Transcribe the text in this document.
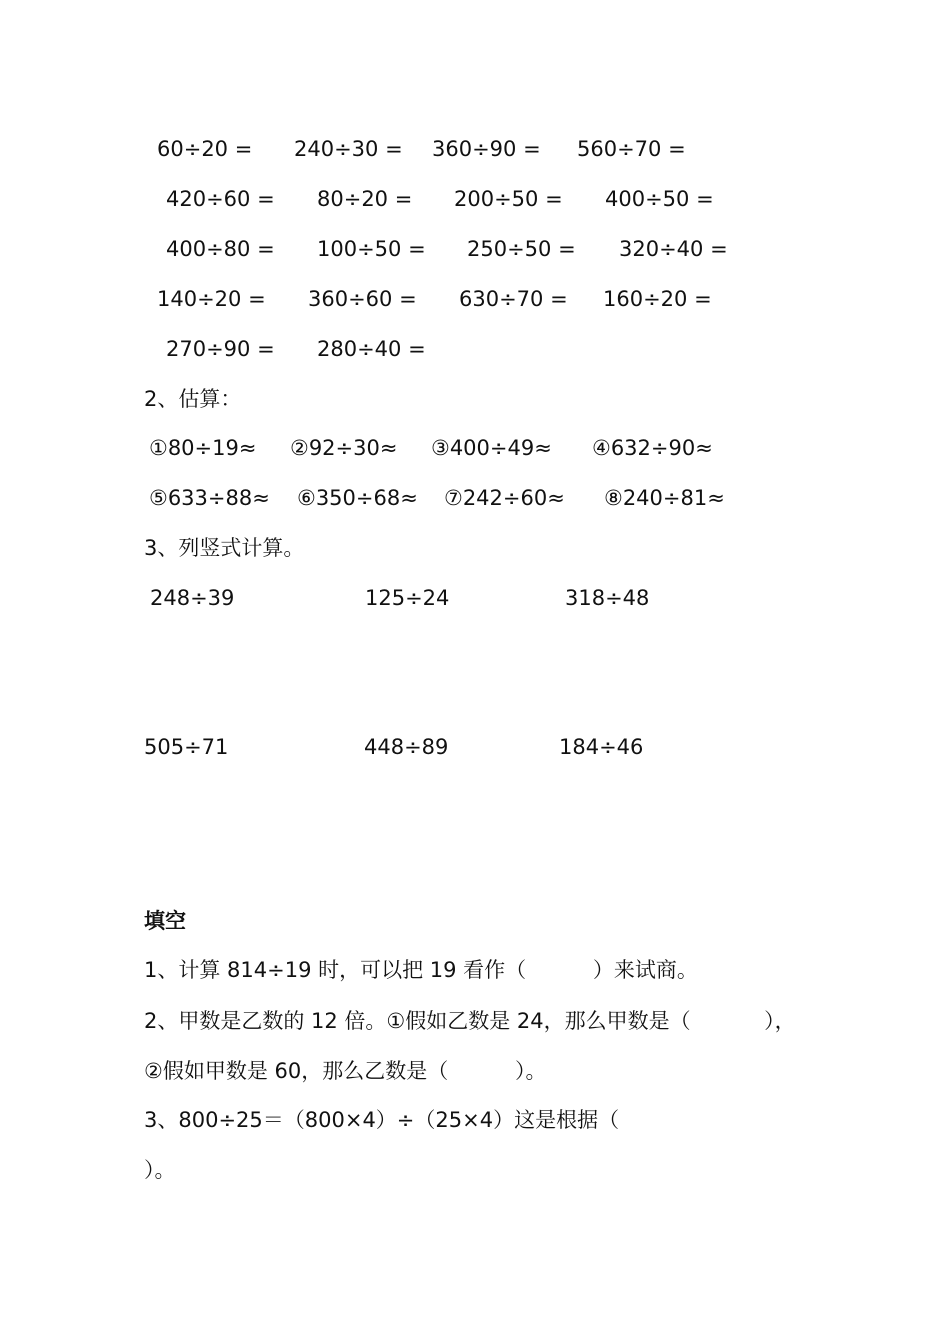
60÷20 = 240÷30 = 360÷90 = 560÷70 =
420÷60 = 80÷20 = 200÷50 = 400÷50 =
400÷80 = 100÷50 = 250÷50 = 320÷40 =
140÷20 = 360÷60 = 630÷70 = 160÷20 =
270÷90 = 280÷40 =
2、估算：
①80÷19≈ ②92÷30≈ ③400÷49≈ ④632÷90≈
⑤633÷88≈ ⑥350÷68≈ ⑦242÷60≈ ⑧240÷81≈
3、列竖式计算。
248÷39	125÷24	318÷48
505÷71	448÷89	184÷46
填空
1、计算 814÷19 时，可以把 19 看作（          ）来试商。
2、甲数是乙数的 12 倍。①假如乙数是 24，那么甲数是（           ），
②假如甲数是 60，那么乙数是（          ）。
3、800÷25＝（800×4）÷（25×4）这是根据（
）。
